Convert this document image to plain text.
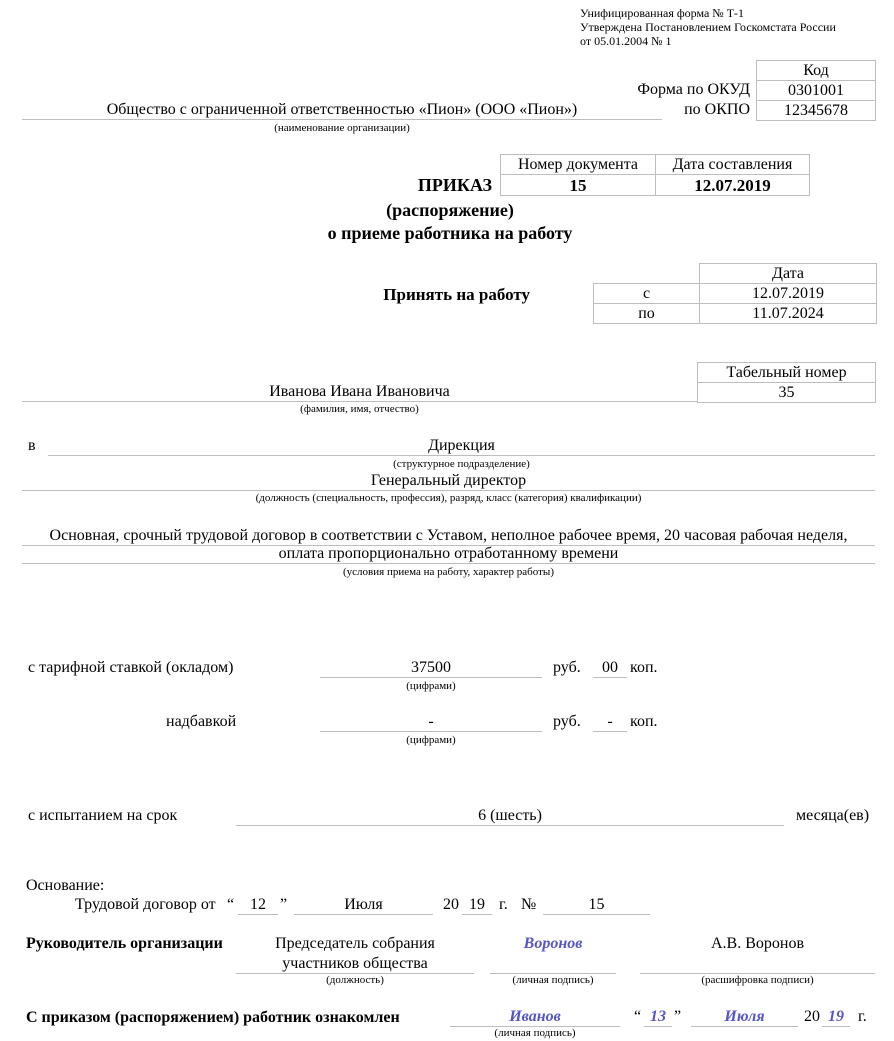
Унифицированная форма № Т-1
Утверждена Постановлением Госкомстата России
от 05.01.2004 № 1
Код
Форма по ОКУД	0301001
по ОКПО	12345678
Общество с ограниченной ответственностью «Пион» (ООО «Пион»)
(наименование организации)
Номер документа	Дата составления
15	12.07.2019
ПРИКАЗ
(распоряжение)
о приеме работника на работу
Принять на работу
Дата
с	12.07.2019
по	11.07.2024
Табельный номер
35
Иванова Ивана Ивановича
(фамилия, имя, отчество)
в	Дирекция
(структурное подразделение)
Генеральный директор
(должность (специальность, профессия), разряд, класс (категория) квалификации)
Основная, срочный трудовой договор в соответствии с Уставом, неполное рабочее время, 20 часовая рабочая неделя,
оплата пропорционально отработанному времени
(условия приема на работу, характер работы)
с тарифной ставкой (окладом)	37500
(цифрами)
руб.	00 коп.
надбавкой	-
(цифрами)
руб.	-	коп.
с испытанием на срок	6 (шесть)	месяца(ев)
Основание:
Трудовой договор от “ 12 ”	Июля	20 19 г. №	15
Руководитель организации	Председатель собрания
участников общества
(должность)
Воронов
(личная подпись)
А.В. Воронов
(расшифровка подписи)
С приказом (распоряжением) работник ознакомлен	Иванов
(личная подпись)
“ 13 ”	Июля	20 19 г.
